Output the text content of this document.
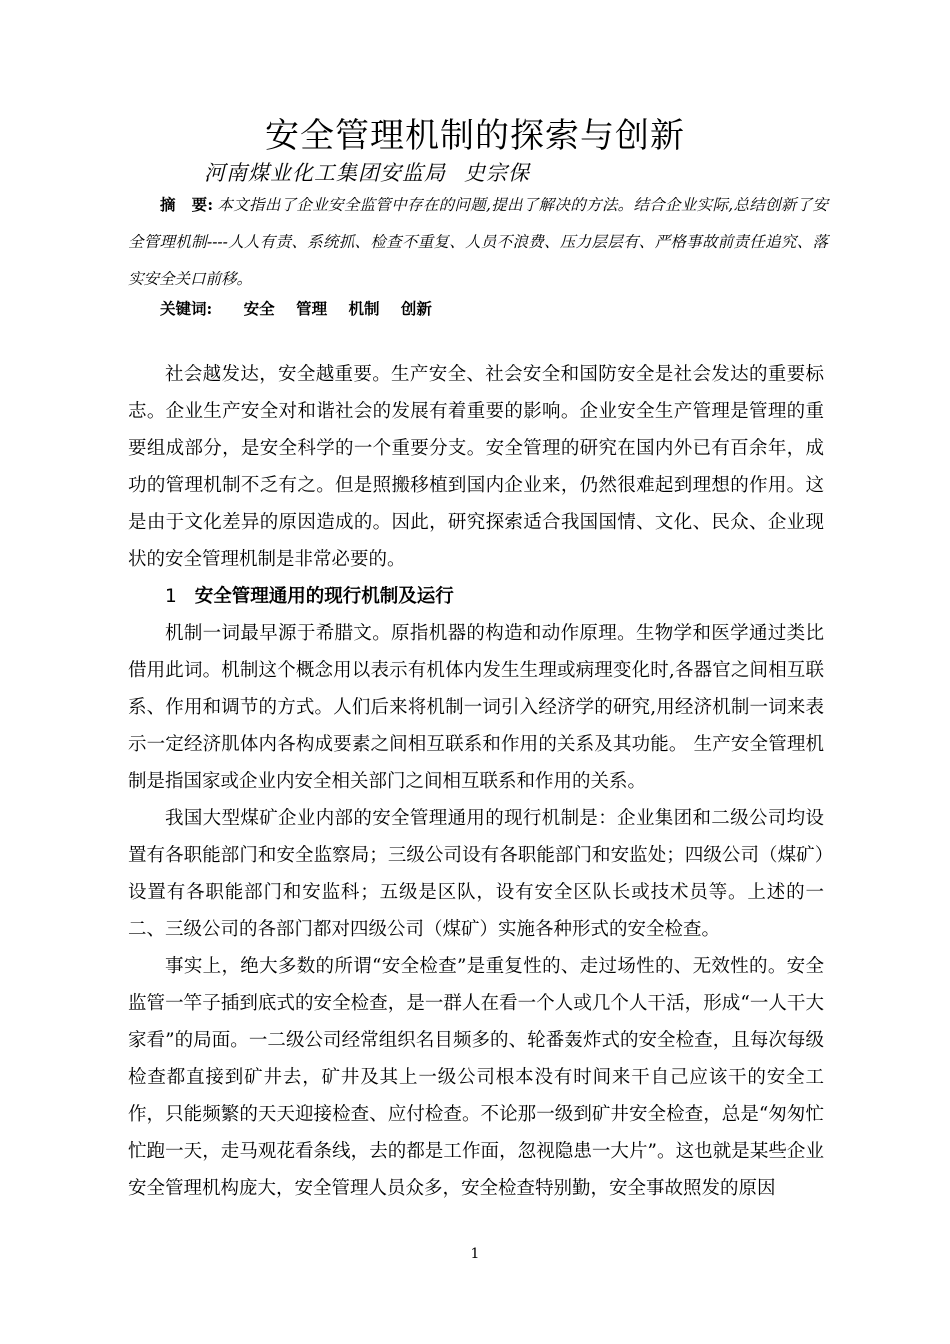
安全管理机制的探索与创新
河南煤业化工集团安监局 史宗保
摘　要: 本文指出了企业安全监管中存在的问题,提出了解决的方法。结合企业实际,总结创新了安全管理机制----人人有责、系统抓、检查不重复、人员不浪费、压力层层有、严格事故前责任追究、落实安全关口前移。
关键词: 安全 管理 机制 创新

社会越发达，安全越重要。生产安全、社会安全和国防安全是社会发达的重要标志。企业生产安全对和谐社会的发展有着重要的影响。企业安全生产管理是管理的重要组成部分，是安全科学的一个重要分支。安全管理的研究在国内外已有百余年，成功的管理机制不乏有之。但是照搬移植到国内企业来，仍然很难起到理想的作用。这是由于文化差异的原因造成的。因此，研究探索适合我国国情、文化、民众、企业现状的安全管理机制是非常必要的。

1 安全管理通用的现行机制及运行

机制一词最早源于希腊文。原指机器的构造和动作原理。生物学和医学通过类比借用此词。机制这个概念用以表示有机体内发生生理或病理变化时,各器官之间相互联系、作用和调节的方式。人们后来将机制一词引入经济学的研究,用经济机制一词来表示一定经济肌体内各构成要素之间相互联系和作用的关系及其功能。 生产安全管理机制是指国家或企业内安全相关部门之间相互联系和作用的关系。

我国大型煤矿企业内部的安全管理通用的现行机制是：企业集团和二级公司均设置有各职能部门和安全监察局；三级公司设有各职能部门和安监处；四级公司（煤矿）设置有各职能部门和安监科；五级是区队，设有安全区队长或技术员等。上述的一二、三级公司的各部门都对四级公司（煤矿）实施各种形式的安全检查。

事实上，绝大多数的所谓“安全检查”是重复性的、走过场性的、无效性的。安全监管一竿子插到底式的安全检查，是一群人在看一个人或几个人干活，形成“一人干大家看”的局面。一二级公司经常组织名目频多的、轮番轰炸式的安全检查，且每次每级检查都直接到矿井去，矿井及其上一级公司根本没有时间来干自己应该干的安全工作，只能频繁的天天迎接检查、应付检查。不论那一级到矿井安全检查，总是“匆匆忙忙跑一天，走马观花看条线，去的都是工作面，忽视隐患一大片”。这也就是某些企业安全管理机构庞大，安全管理人员众多，安全检查特别勤，安全事故照发的原因

1
